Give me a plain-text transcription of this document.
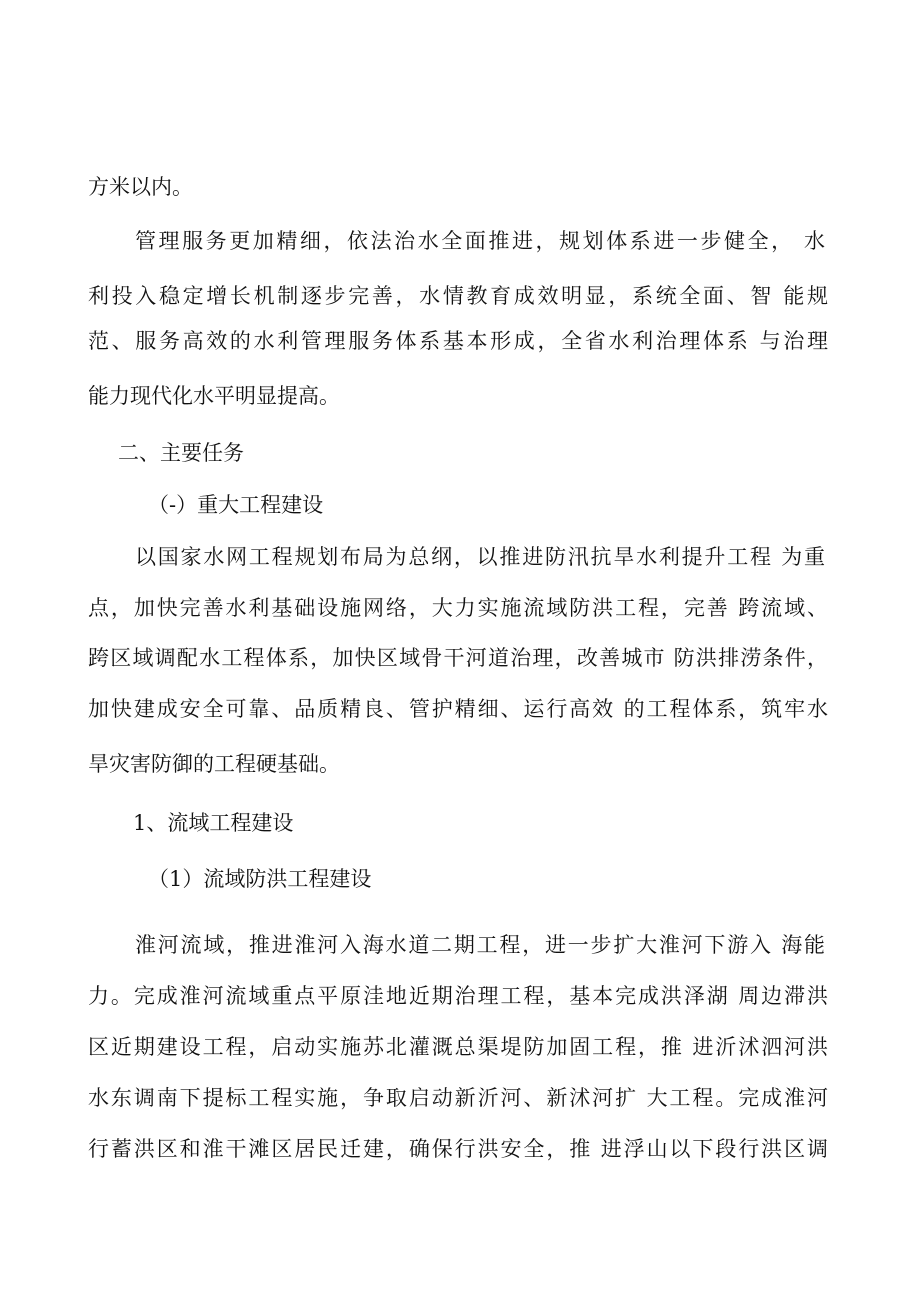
方米以内。

管理服务更加精细，依法治水全面推进，规划体系进一步健全， 水

利投入稳定增长机制逐步完善，水情教育成效明显，系统全面、智 能规

范、服务高效的水利管理服务体系基本形成，全省水利治理体系 与治理

能力现代化水平明显提高。

二、主要任务

（-）重大工程建设

以国家水网工程规划布局为总纲，以推进防汛抗旱水利提升工程 为重

点，加快完善水利基础设施网络，大力实施流域防洪工程，完善 跨流域、

跨区域调配水工程体系，加快区域骨干河道治理，改善城市 防洪排涝条件，

加快建成安全可靠、品质精良、管护精细、运行高效 的工程体系，筑牢水

旱灾害防御的工程硬基础。

1、流域工程建设

（1）流域防洪工程建设

淮河流域，推进淮河入海水道二期工程，进一步扩大淮河下游入 海能

力。完成淮河流域重点平原洼地近期治理工程，基本完成洪泽湖 周边滞洪

区近期建设工程，启动实施苏北灌溉总渠堤防加固工程，推 进沂沭泗河洪

水东调南下提标工程实施，争取启动新沂河、新沭河扩 大工程。完成淮河

行蓄洪区和淮干滩区居民迁建，确保行洪安全，推 进浮山以下段行洪区调
